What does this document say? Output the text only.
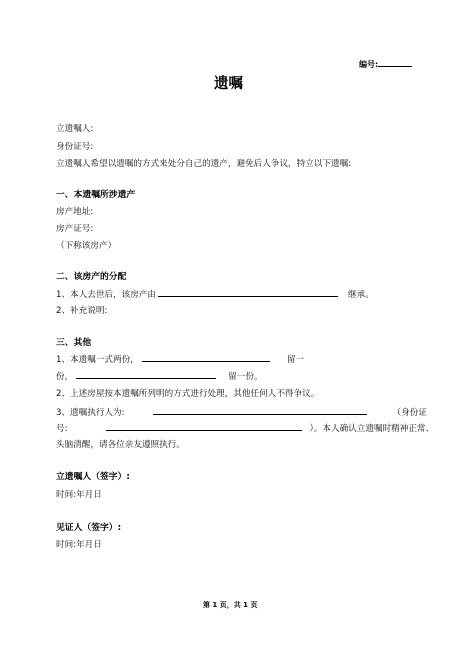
编号:
遗嘱
立遗嘱人:
身份证号:
立遗嘱人希望以遗嘱的方式来处分自己的遗产，避免后人争议，特立以下遗嘱:
一、本遗嘱所涉遗产
房产地址:
房产证号:
（下称该房产）
二、该房产的分配
1、本人去世后，该房产由	继承。
2、补充说明:
三、其他
1、本遗嘱一式两份，	留一
份，	留一份。
2、上述房屋按本遗嘱所列明的方式进行处理，其他任何人不得争议。
3、遗嘱执行人为:	（身份证
号:	）。本人确认立遗嘱时精神正常、
头脑清醒，请各位亲友遵照执行。
立遗嘱人（签字）:
时间:年月日
见证人（签字）:
时间:年月日
第 1 页，共 1 页
